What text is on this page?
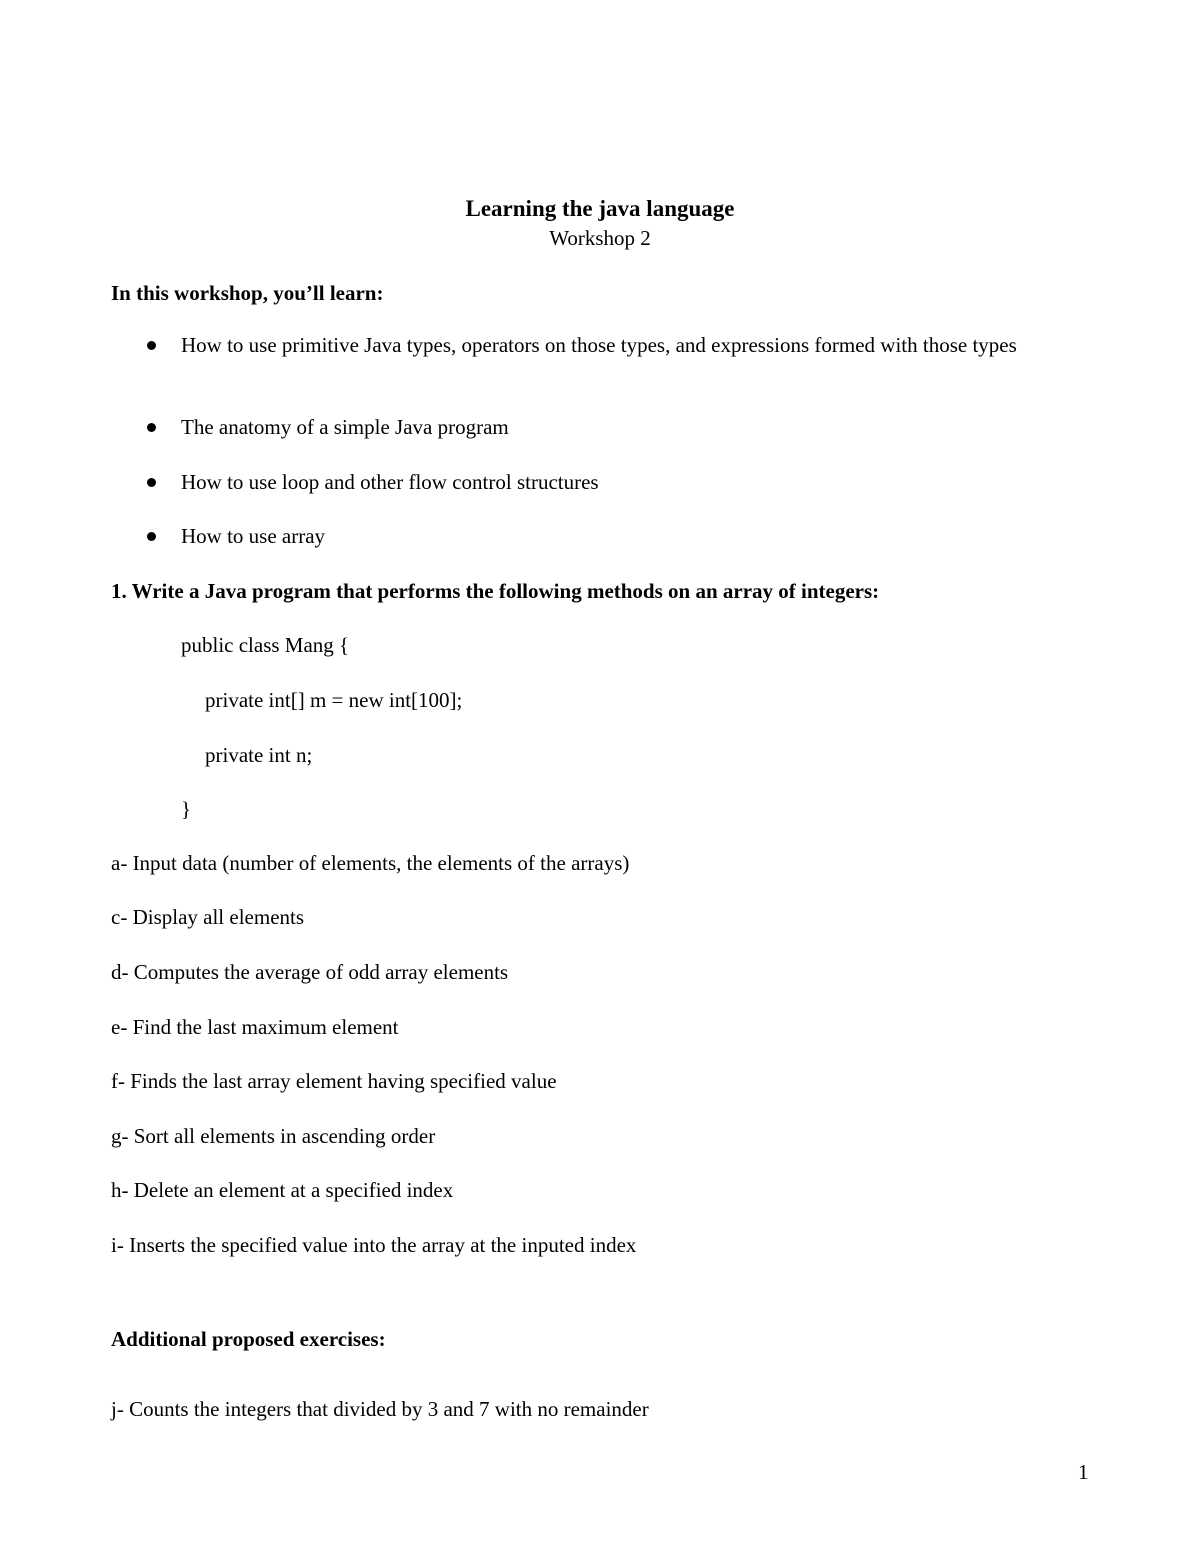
Learning the java language
Workshop 2
In this workshop, you’ll learn:
How to use primitive Java types, operators on those types, and expressions formed with those types
The anatomy of a simple Java program
How to use loop and other flow control structures
How to use array
1. Write a Java program that performs the following methods on an array of integers:
public class Mang {
private int[] m = new int[100];
private int n;
}
a- Input data (number of elements, the elements of the arrays)
c- Display all elements
d- Computes the average of odd array elements
e- Find the last maximum element
f- Finds the last array element having specified value
g- Sort all elements in ascending order
h- Delete an element at a specified index
i- Inserts the specified value into the array at the inputed index
Additional proposed exercises:
j- Counts the integers that divided by 3 and 7 with no remainder
1
